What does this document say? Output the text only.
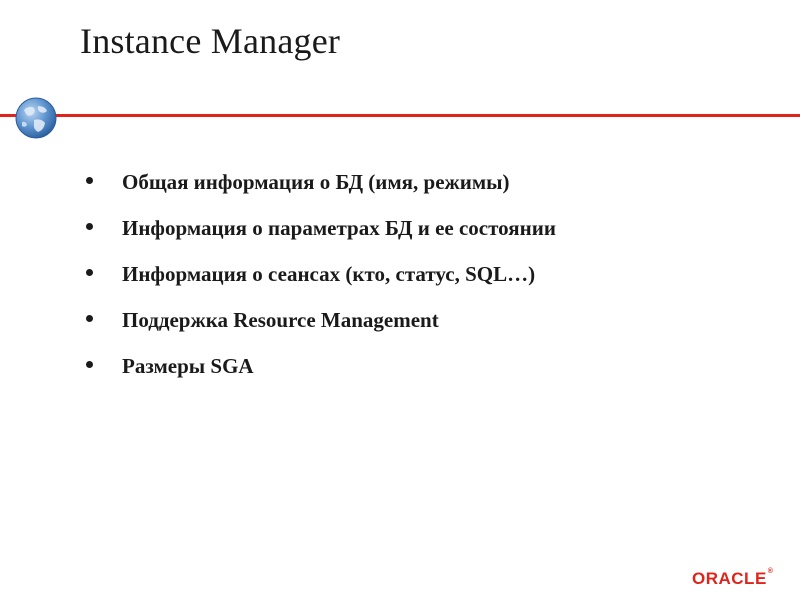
Instance Manager
Общая информация о БД (имя, режимы)
Информация о параметрах БД и ее состоянии
Информация о сеансах (кто, статус, SQL…)
Поддержка Resource Management
Размеры SGA
ORACLE®
